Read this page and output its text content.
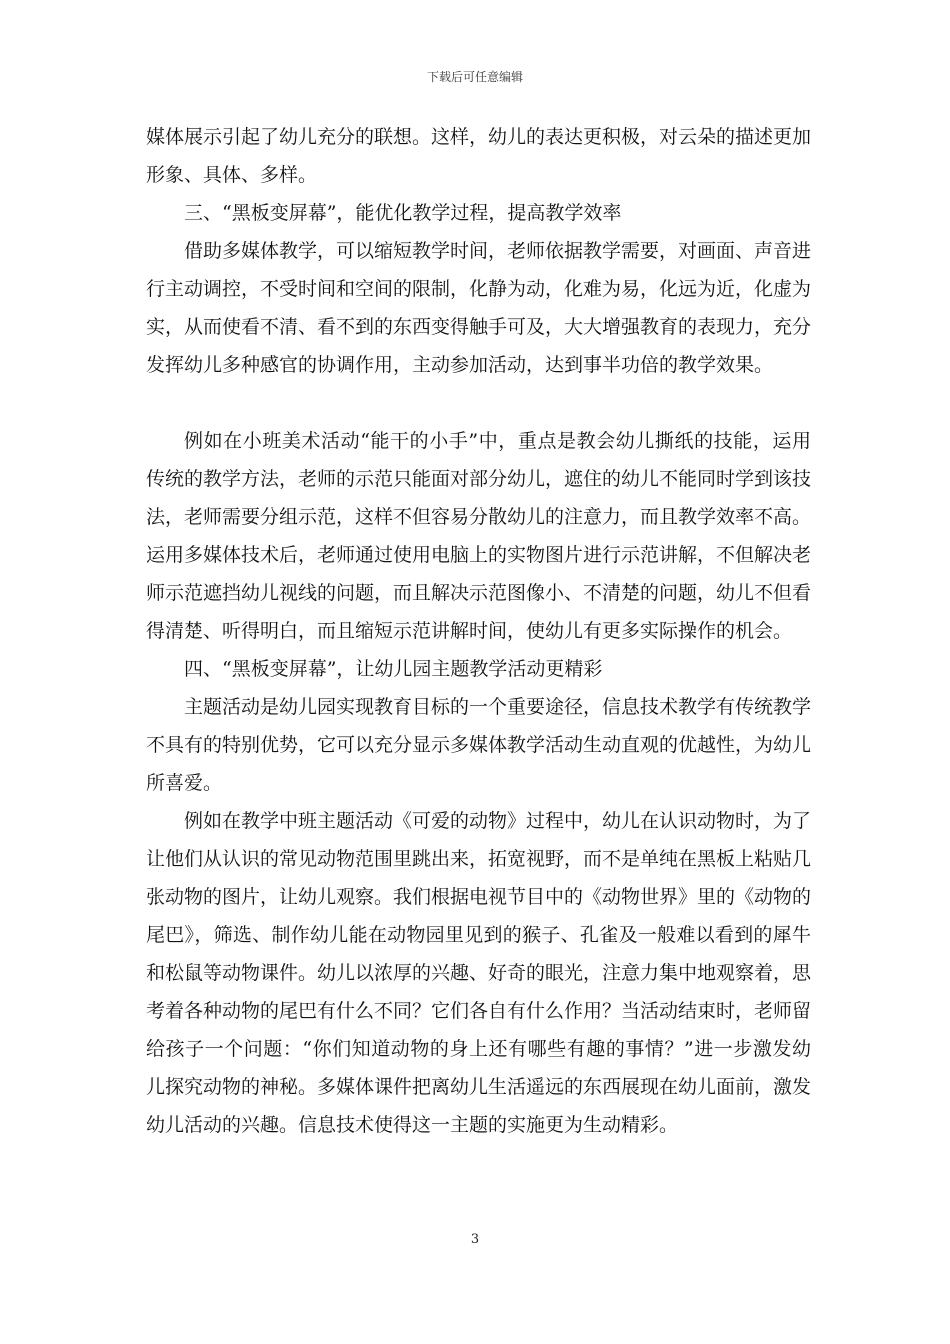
下载后可任意编辑

媒体展示引起了幼儿充分的联想。这样，幼儿的表达更积极，对云朵的描述更加形象、具体、多样。

三、“黑板变屏幕”，能优化教学过程，提高教学效率

借助多媒体教学，可以缩短教学时间，老师依据教学需要，对画面、声音进行主动调控，不受时间和空间的限制，化静为动，化难为易，化远为近，化虚为实，从而使看不清、看不到的东西变得触手可及，大大增强教育的表现力，充分发挥幼儿多种感官的协调作用，主动参加活动，达到事半功倍的教学效果。

例如在小班美术活动“能干的小手”中，重点是教会幼儿撕纸的技能，运用传统的教学方法，老师的示范只能面对部分幼儿，遮住的幼儿不能同时学到该技法，老师需要分组示范，这样不但容易分散幼儿的注意力，而且教学效率不高。运用多媒体技术后，老师通过使用电脑上的实物图片进行示范讲解，不但解决老师示范遮挡幼儿视线的问题，而且解决示范图像小、不清楚的问题，幼儿不但看得清楚、听得明白，而且缩短示范讲解时间，使幼儿有更多实际操作的机会。

四、“黑板变屏幕”，让幼儿园主题教学活动更精彩

主题活动是幼儿园实现教育目标的一个重要途径，信息技术教学有传统教学不具有的特别优势，它可以充分显示多媒体教学活动生动直观的优越性，为幼儿所喜爱。

例如在教学中班主题活动《可爱的动物》过程中，幼儿在认识动物时，为了让他们从认识的常见动物范围里跳出来，拓宽视野，而不是单纯在黑板上粘贴几张动物的图片，让幼儿观察。我们根据电视节目中的《动物世界》里的《动物的尾巴》，筛选、制作幼儿能在动物园里见到的猴子、孔雀及一般难以看到的犀牛和松鼠等动物课件。幼儿以浓厚的兴趣、好奇的眼光，注意力集中地观察着，思考着各种动物的尾巴有什么不同？它们各自有什么作用？当活动结束时，老师留给孩子一个问题：“你们知道动物的身上还有哪些有趣的事情？”进一步激发幼儿探究动物的神秘。多媒体课件把离幼儿生活遥远的东西展现在幼儿面前，激发幼儿活动的兴趣。信息技术使得这一主题的实施更为生动精彩。

3
